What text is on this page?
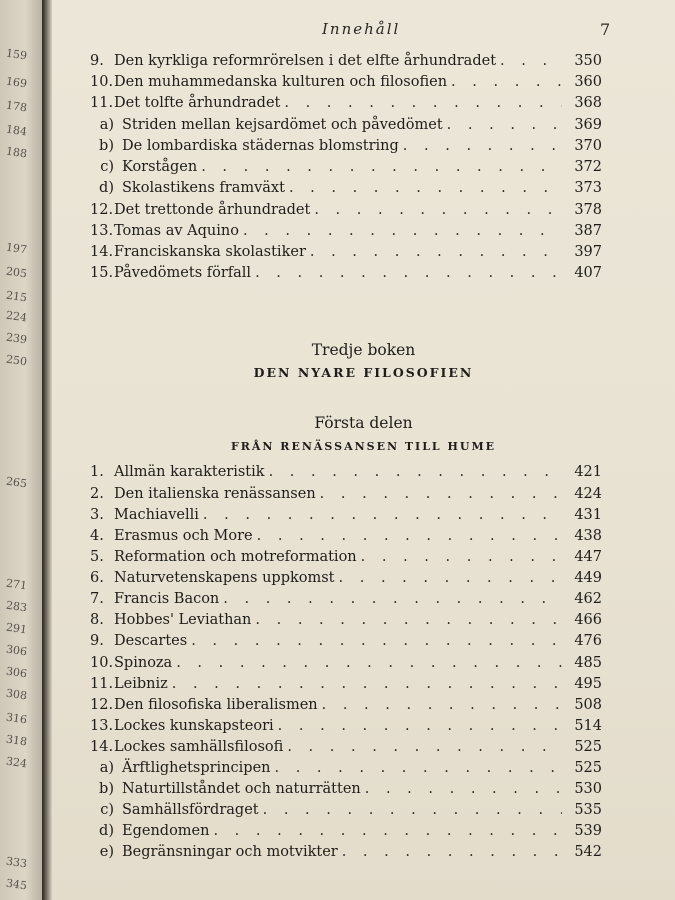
159
169
178
184
188
197
205
215
224
239
250
265
271
283
291
306
306
308
316
318
324
333
345
Innehåll	7
9. Den kyrkliga reformrörelsen i det elfte århundradet . . .	350
10. Den muhammedanska kulturen och filosofien . . .	360
11. Det tolfte århundradet . . .	368
a) Striden mellan kejsardömet och påvedömet . . .	369
b) De lombardiska städernas blomstring . . .	370
c) Korstågen . . .	372
d) Skolastikens framväxt . . .	373
12. Det trettonde århundradet . . .	378
13. Tomas av Aquino . . .	387
14. Franciskanska skolastiker . . .	397
15. Påvedömets förfall . . .	407
Tredje boken
DEN NYARE FILOSOFIEN
Första delen
FRÅN RENÄSSANSEN TILL HUME
1. Allmän karakteristik . . .	421
2. Den italienska renässansen . . .	424
3. Machiavelli . . .	431
4. Erasmus och More . . .	438
5. Reformation och motreformation . . .	447
6. Naturvetenskapens uppkomst . . .	449
7. Francis Bacon . . .	462
8. Hobbes' Leviathan . . .	466
9. Descartes . . .	476
10. Spinoza . . .	485
11. Leibniz . . .	495
12. Den filosofiska liberalismen . . .	508
13. Lockes kunskapsteori . . .	514
14. Lockes samhällsfilosofi . . .	525
a) Ärftlighetsprincipen . . .	525
b) Naturtillståndet och naturrätten . . .	530
c) Samhällsfördraget . . .	535
d) Egendomen . . .	539
e) Begränsningar och motvikter . . .	542
